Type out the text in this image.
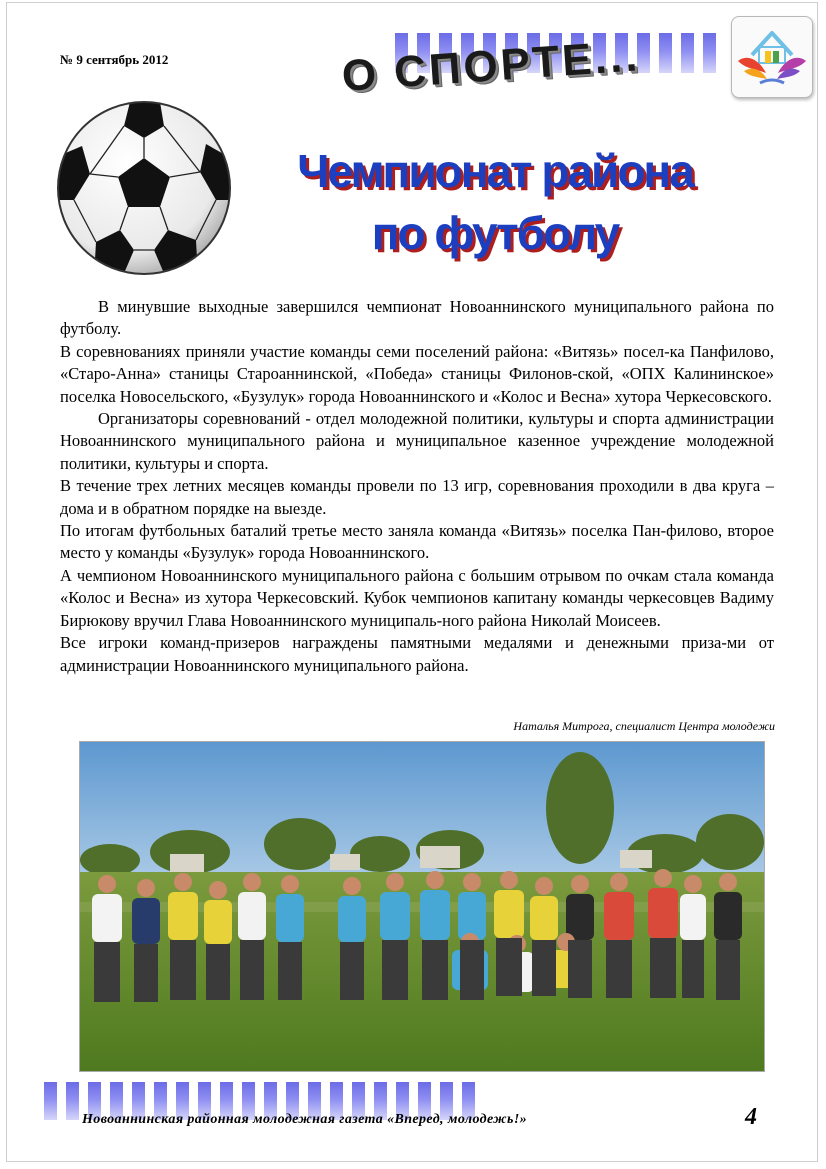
№ 9 сентябрь 2012	О СПОРТЕ...
Чемпионат района
по футболу

В минувшие выходные завершился чемпионат Новоаннинского муниципального района по футболу.

В соревнованиях приняли участие команды семи поселений района: «Витязь» посел-ка Панфилово, «Старо-Анна» станицы Староаннинской, «Победа» станицы Филонов-ской, «ОПХ Калининское» поселка Новосельского, «Бузулук» города Новоаннинского и «Колос и Весна» хутора Черкесовского.

Организаторы соревнований - отдел молодежной политики, культуры и спорта администрации Новоаннинского муниципального района и муниципальное казенное учреждение молодежной политики, культуры и спорта.

В течение трех летних месяцев команды провели по 13 игр, соревнования проходили в два круга – дома и в обратном порядке на выезде.

По итогам футбольных баталий третье место заняла команда «Витязь» поселка Пан-филово, второе место у команды «Бузулук» города Новоаннинского.

А чемпионом Новоаннинского муниципального района с большим отрывом по очкам стала команда «Колос и Весна» из хутора Черкесовский. Кубок чемпионов капитану команды черкесовцев Вадиму Бирюкову вручил Глава Новоаннинского муниципаль-ного района Николай Моисеев.

Все игроки команд-призеров награждены памятными медалями и денежными приза-ми от администрации Новоаннинского муниципального района.

Наталья Митрога, специалист Центра молодежи
Новоаннинская районная молодежная газета «Вперед, молодежь!»	4
